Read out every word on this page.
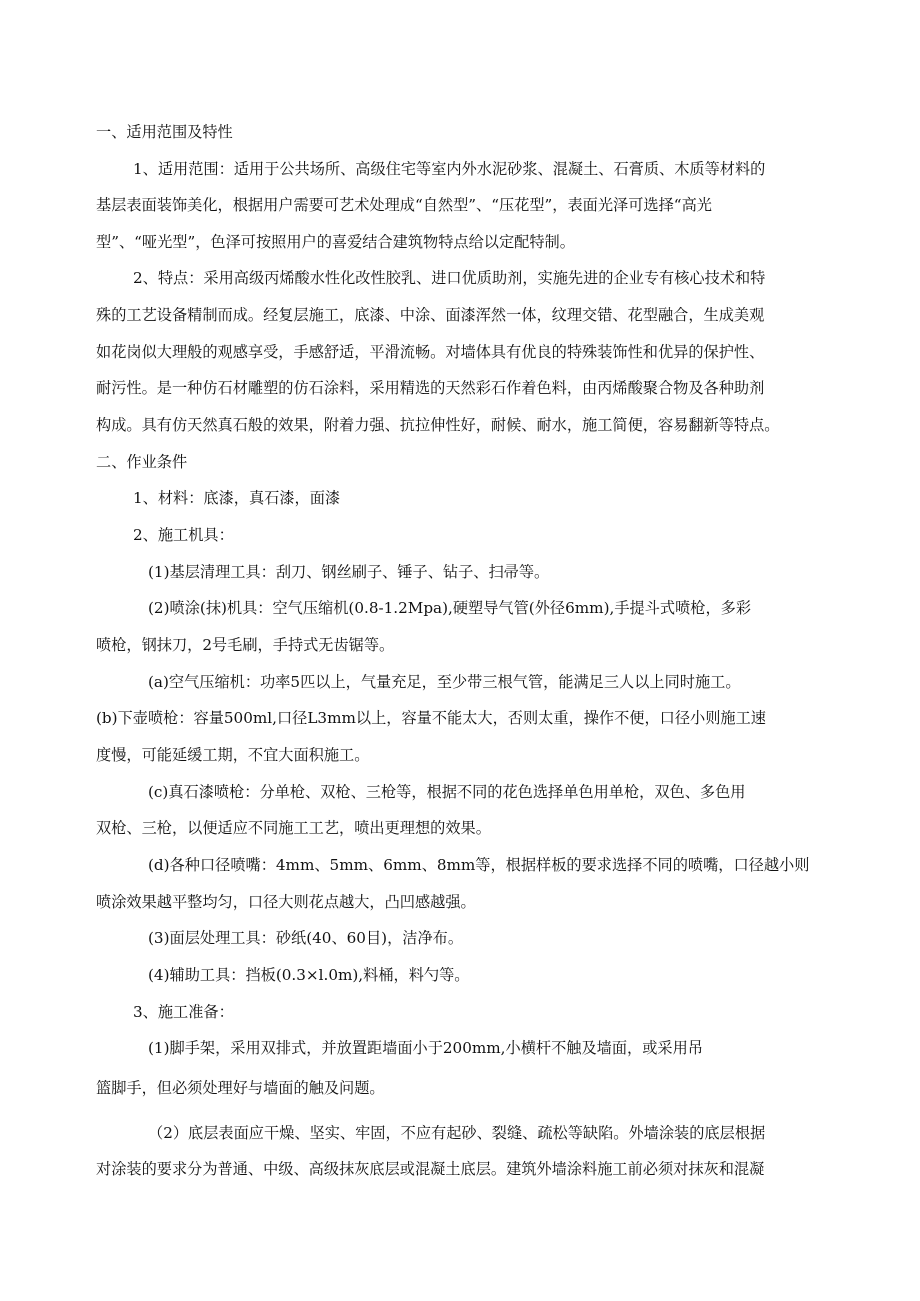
一、适用范围及特性
1、适用范围：适用于公共场所、高级住宅等室内外水泥砂浆、混凝土、石膏质、木质等材料的
基层表面装饰美化，根据用户需要可艺术处理成“自然型”、“压花型”，表面光泽可选择“高光
型”、“哑光型”，色泽可按照用户的喜爱结合建筑物特点给以定配特制。
2、特点：采用高级丙烯酸水性化改性胶乳、进口优质助剂，实施先进的企业专有核心技术和特
殊的工艺设备精制而成。经复层施工，底漆、中涂、面漆浑然一体，纹理交错、花型融合，生成美观
如花岗似大理般的观感享受，手感舒适，平滑流畅。对墙体具有优良的特殊装饰性和优异的保护性、
耐污性。是一种仿石材雕塑的仿石涂料，采用精选的天然彩石作着色料，由丙烯酸聚合物及各种助剂
构成。具有仿天然真石般的效果，附着力强、抗拉伸性好，耐候、耐水，施工简便，容易翻新等特点。
二、作业条件
1、材料：底漆，真石漆，面漆
2、施工机具：
(1)基层清理工具：刮刀、钢丝刷子、锤子、钻子、扫帚等。
(2)喷涂(抹)机具：空气压缩机(0.8-1.2Mpa),硬塑导气管(外径6mm),手提斗式喷枪，多彩
喷枪，钢抹刀，2号毛刷，手持式无齿锯等。
(a)空气压缩机：功率5匹以上，气量充足，至少带三根气管，能满足三人以上同时施工。
(b)下壶喷枪：容量500ml,口径L3mm以上，容量不能太大，否则太重，操作不便，口径小则施工速
度慢，可能延缓工期，不宜大面积施工。
(c)真石漆喷枪：分单枪、双枪、三枪等，根据不同的花色选择单色用单枪，双色、多色用
双枪、三枪，以便适应不同施工工艺，喷出更理想的效果。
(d)各种口径喷嘴：4mm、5mm、6mm、8mm等，根据样板的要求选择不同的喷嘴，口径越小则
喷涂效果越平整均匀，口径大则花点越大，凸凹感越强。
(3)面层处理工具：砂纸(40、60目)，洁净布。
(4)辅助工具：挡板(0.3×l.0m),料桶，料勺等。
3、施工准备：
(1)脚手架，采用双排式，并放置距墙面小于200mm,小横杆不触及墙面，或采用吊
篮脚手，但必须处理好与墙面的触及问题。
（2）底层表面应干燥、坚实、牢固，不应有起砂、裂缝、疏松等缺陷。外墙涂装的底层根据
对涂装的要求分为普通、中级、高级抹灰底层或混凝土底层。建筑外墙涂料施工前必须对抹灰和混凝
